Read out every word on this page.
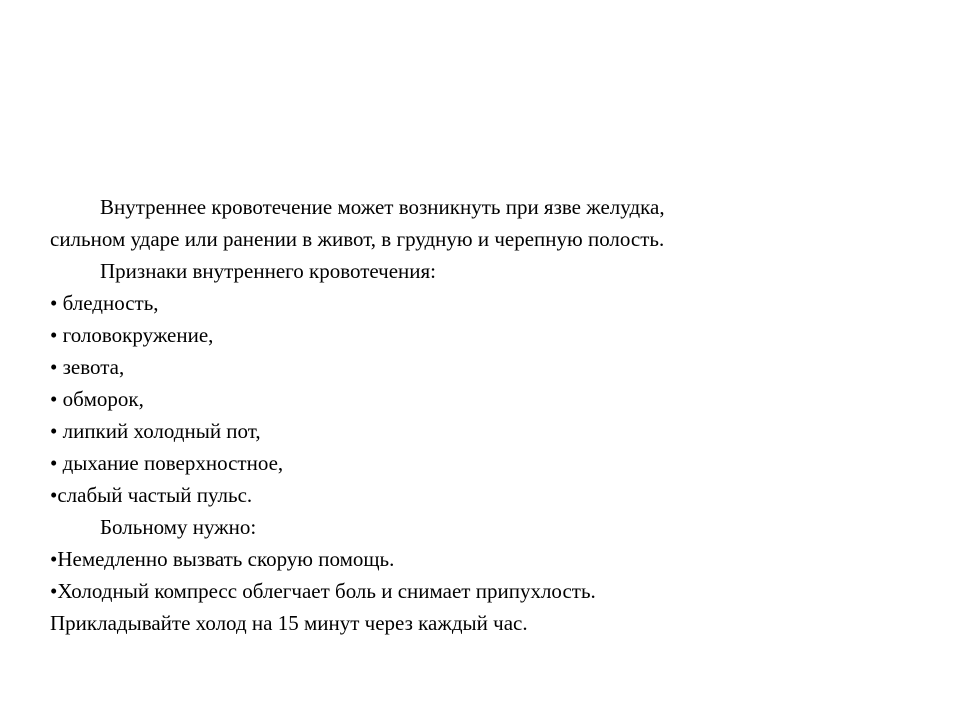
Внутреннее кровотечение может возникнуть при язве желудка,
сильном ударе или ранении в живот, в грудную и черепную полость.
Признаки внутреннего кровотечения:
• бледность,
• головокружение,
• зевота,
• обморок,
• липкий холодный пот,
• дыхание поверхностное,
•слабый частый пульс.
Больному нужно:
•Немедленно вызвать скорую помощь.
•Холодный компресс облегчает боль и снимает припухлость.
Прикладывайте холод на 15 минут через каждый час.
